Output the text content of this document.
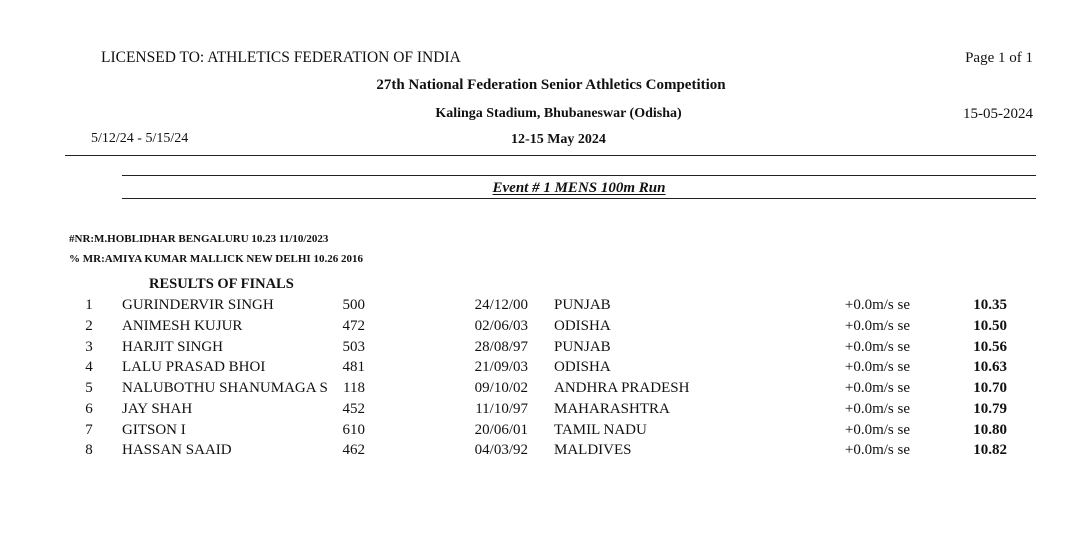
LICENSED TO: ATHLETICS FEDERATION OF INDIA	Page 1 of 1
27th National Federation Senior Athletics Competition
Kalinga Stadium, Bhubaneswar (Odisha)	15-05-2024
5/12/24 - 5/15/24	12-15 May 2024
Event # 1 MENS 100m Run
#NR:M.HOBLIDHAR BENGALURU 10.23 11/10/2023
% MR:AMIYA KUMAR MALLICK NEW DELHI 10.26 2016
RESULTS OF FINALS
1	GURINDERVIR SINGH	500	24/12/00 PUNJAB	+0.0m/s se	10.35
2	ANIMESH KUJUR	472	02/06/03 ODISHA	+0.0m/s se	10.50
3	HARJIT SINGH	503	28/08/97 PUNJAB	+0.0m/s se	10.56
4	LALU PRASAD BHOI	481	21/09/03 ODISHA	+0.0m/s se	10.63
5	NALUBOTHU SHANUMAGA S	118	09/10/02 ANDHRA PRADESH	+0.0m/s se	10.70
6	JAY SHAH	452	11/10/97 MAHARASHTRA	+0.0m/s se	10.79
7	GITSON I	610	20/06/01 TAMIL NADU	+0.0m/s se	10.80
8	HASSAN SAAID	462	04/03/92 MALDIVES	+0.0m/s se	10.82
